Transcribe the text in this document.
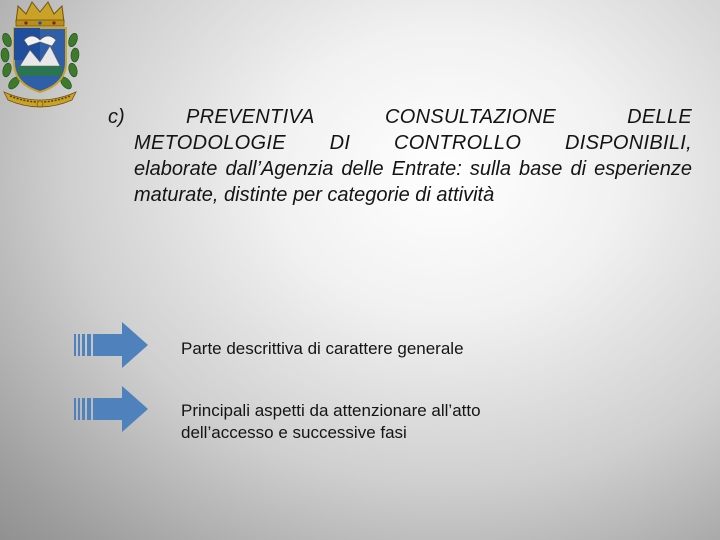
c)	PREVENTIVA CONSULTAZIONE DELLE METODOLOGIE DI CONTROLLO DISPONIBILI,
elaborate dall’Agenzia delle Entrate: sulla base di esperienze maturate, distinte per categorie di attività
Parte descrittiva di carattere generale
Principali aspetti da attenzionare all’atto
dell’accesso e successive fasi
